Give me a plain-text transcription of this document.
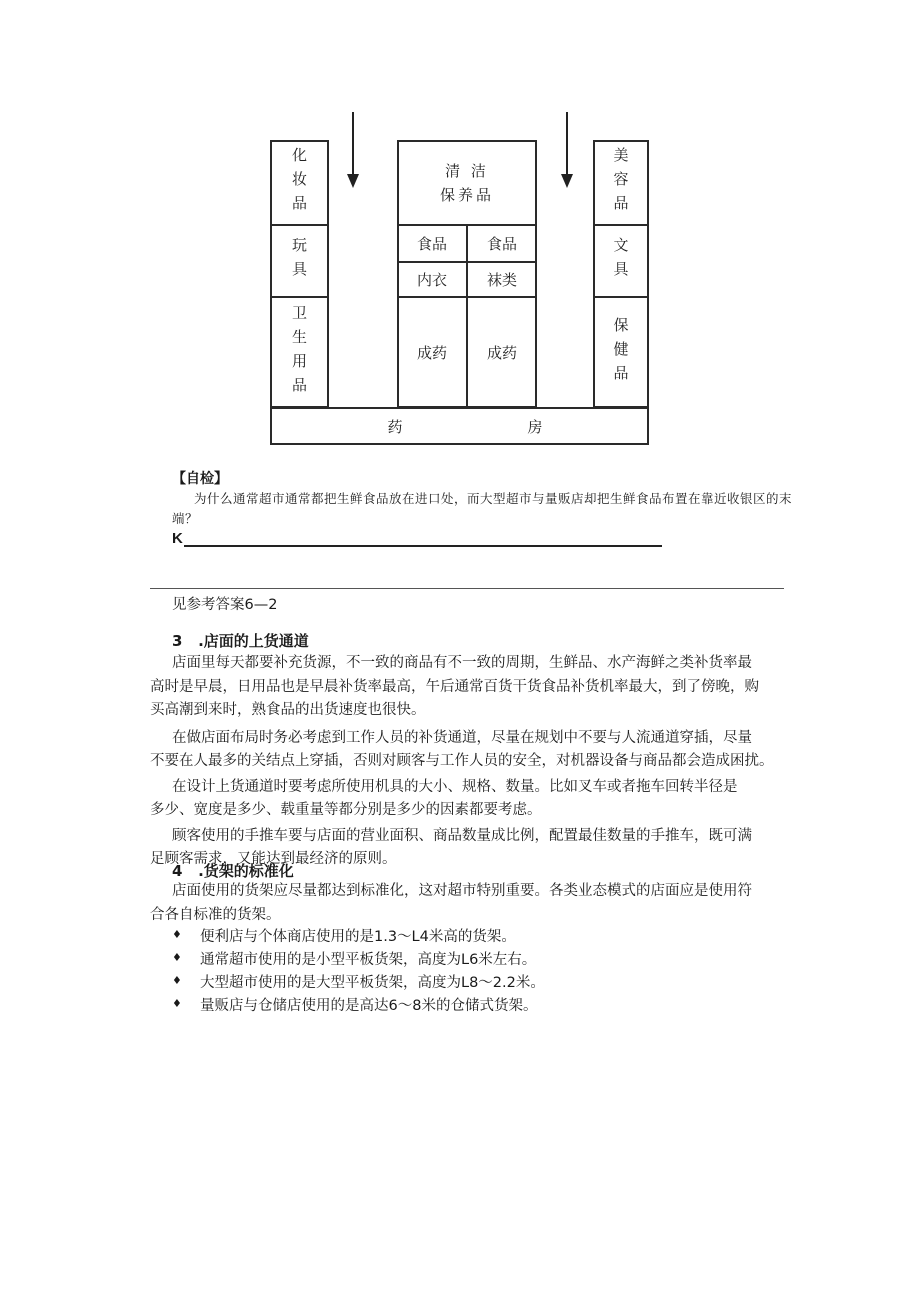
化妆品
玩具
卫生用品
清 洁
保养品
食品	食品
内衣	袜类
成药	成药
美容品
文具
保健品
药	房
【自检】
为什么通常超市通常都把生鲜食品放在进口处，而大型超市与量贩店却把生鲜食品布置在靠近收银区的末
端？
K
见参考答案6—2
3   .店面的上货通道
店面里每天都要补充货源，不一致的商品有不一致的周期，生鲜品、水产海鲜之类补货率最
高时是早晨，日用品也是早晨补货率最高，午后通常百货干货食品补货机率最大，到了傍晚，购
买高潮到来时，熟食品的出货速度也很快。
在做店面布局时务必考虑到工作人员的补货通道，尽量在规划中不要与人流通道穿插，尽量
不要在人最多的关结点上穿插，否则对顾客与工作人员的安全，对机器设备与商品都会造成困扰。
在设计上货通道时要考虑所使用机具的大小、规格、数量。比如叉车或者拖车回转半径是
多少、宽度是多少、载重量等都分别是多少的因素都要考虑。
顾客使用的手推车要与店面的营业面积、商品数量成比例，配置最佳数量的手推车，既可满
足顾客需求，又能达到最经济的原则。
4   .货架的标准化
店面使用的货架应尽量都达到标准化，这对超市特别重要。各类业态模式的店面应是使用符
合各自标准的货架。
♦ 便利店与个体商店使用的是1.3～L4米高的货架。
♦ 通常超市使用的是小型平板货架，高度为L6米左右。
♦ 大型超市使用的是大型平板货架，高度为L8～2.2米。
♦ 量贩店与仓储店使用的是高达6～8米的仓储式货架。
